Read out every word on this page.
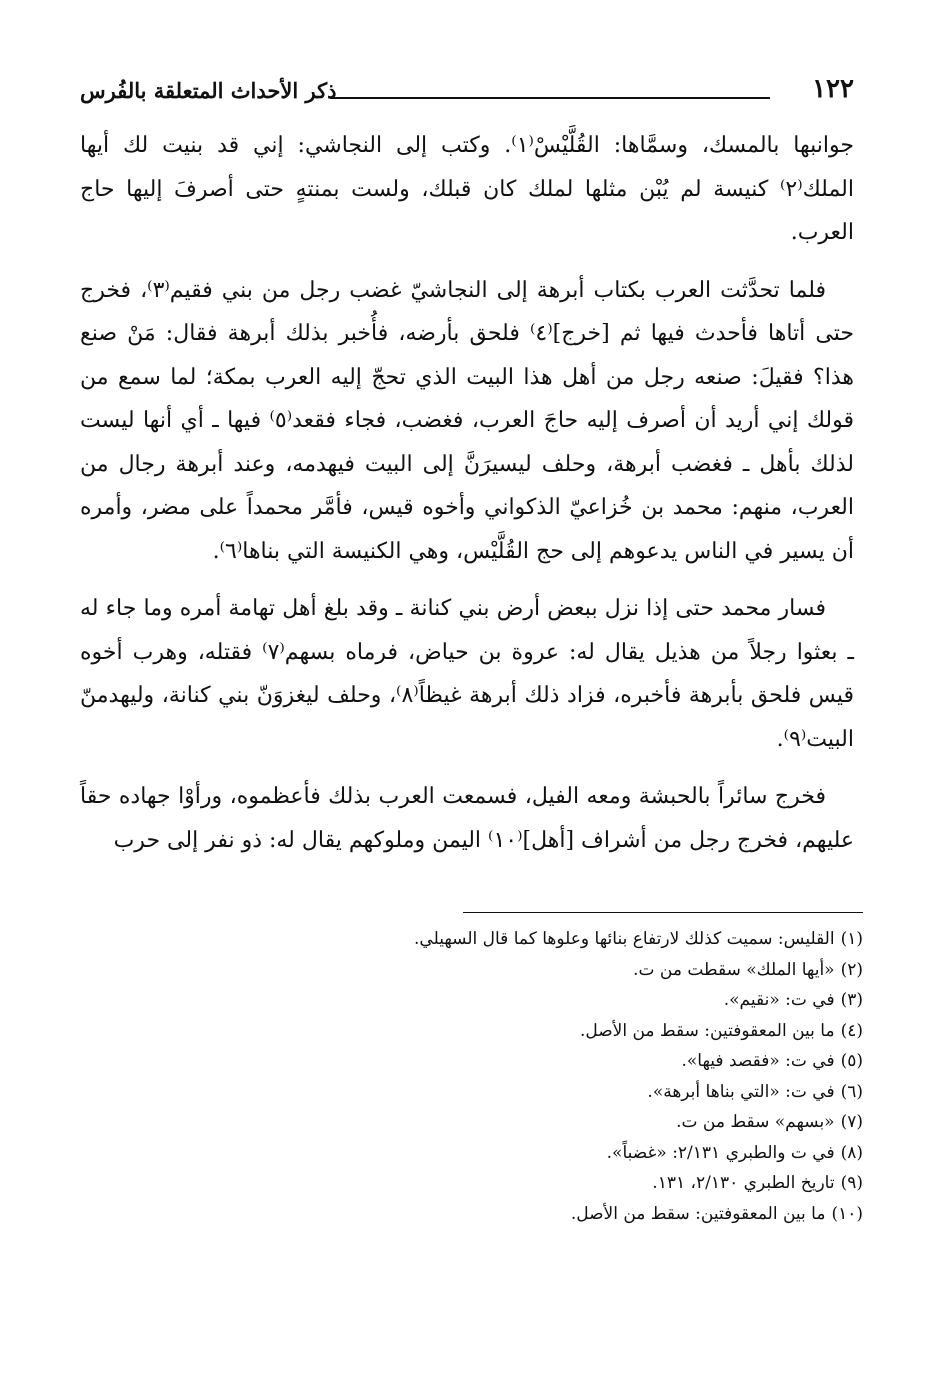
١٢٢
ذكر الأحداث المتعلقة بالفُرس

جوانبها بالمسك، وسمَّاها: القُلَّيْسْ⁽١⁾. وكتب إلى النجاشي: إني قد بنيت لك أيها الملك⁽٢⁾ كنيسة لم يُبْن مثلها لملك كان قبلك، ولست بمنتهٍ حتى أصرفَ إليها حاج العرب.

فلما تحدَّثت العرب بكتاب أبرهة إلى النجاشيّ غضب رجل من بني فقيم⁽٣⁾، فخرج حتى أتاها فأحدث فيها ثم [خرج]⁽٤⁾ فلحق بأرضه، فأُخبر بذلك أبرهة فقال: مَنْ صنع هذا؟ فقيلَ: صنعه رجل من أهل هذا البيت الذي تحجّ إليه العرب بمكة؛ لما سمع من قولك إني أريد أن أصرف إليه حاجَ العرب، فغضب، فجاء فقعد⁽٥⁾ فيها ـ أي أنها ليست لذلك بأهل ـ فغضب أبرهة، وحلف ليسيرَنَّ إلى البيت فيهدمه، وعند أبرهة رجال من العرب، منهم: محمد بن خُزاعيّ الذكواني وأخوه قيس، فأمَّر محمداً على مضر، وأمره أن يسير في الناس يدعوهم إلى حج القُلَّيْس، وهي الكنيسة التي بناها⁽٦⁾.

فسار محمد حتى إذا نزل ببعض أرض بني كنانة ـ وقد بلغ أهل تهامة أمره وما جاء له ـ بعثوا رجلاً من هذيل يقال له: عروة بن حياض، فرماه بسهم⁽٧⁾ فقتله، وهرب أخوه قيس فلحق بأبرهة فأخبره، فزاد ذلك أبرهة غيظاً⁽٨⁾، وحلف ليغزوَنّ بني كنانة، وليهدمنّ البيت⁽٩⁾.

فخرج سائراً بالحبشة ومعه الفيل، فسمعت العرب بذلك فأعظموه، ورأوْا جهاده حقاً عليهم، فخرج رجل من أشراف [أهل]⁽١٠⁾ اليمن وملوكهم يقال له: ذو نفر إلى حرب

(١)القليس: سميت كذلك لارتفاع بنائها وعلوها كما قال السهيلي.
(٢)«أيها الملك» سقطت من ت.
(٣)في ت: «نقيم».
(٤)ما بين المعقوفتين: سقط من الأصل.
(٥)في ت: «فقصد فيها».
(٦)في ت: «التي بناها أبرهة».
(٧)«بسهم» سقط من ت.
(٨)في ت والطبري ٢/١٣١: «غضباً».
(٩)تاريخ الطبري ٢/١٣٠، ١٣١.
(١٠)ما بين المعقوفتين: سقط من الأصل.
